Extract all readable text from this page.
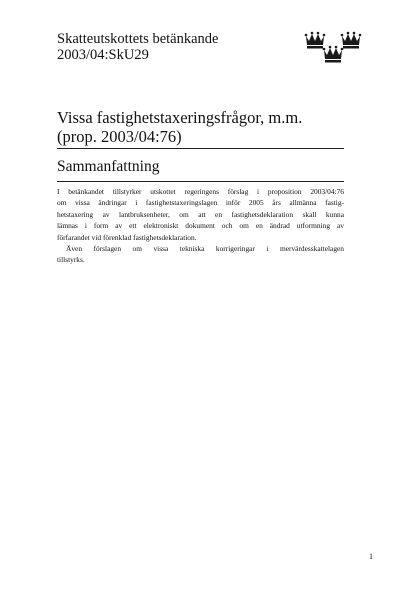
Skatteutskottets betänkande
2003/04:SkU29
Vissa fastighetstaxeringsfrågor, m.m.
(prop. 2003/04:76)
Sammanfattning
I betänkandet tillstyrker utskottet regeringens förslag i proposition 2003/04:76
om vissa ändringar i fastighetstaxeringslagen inför 2005 års allmänna fastig-
hetstaxering av lantbruksenheter, om att en fastighetsdeklaration skall kunna
lämnas i form av ett elektroniskt dokument och om en ändrad utformning av
förfarandet vid förenklad fastighetsdeklaration.
Även förslagen om vissa tekniska korrigeringar i mervärdesskattelagen
tillstyrks.
1
